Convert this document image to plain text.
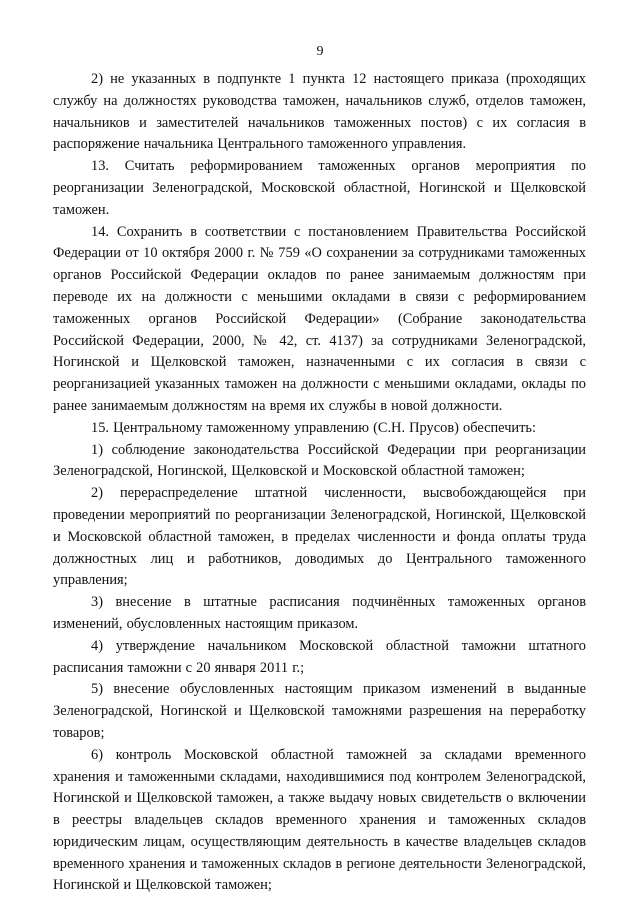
9

2) не указанных в подпункте 1 пункта 12 настоящего приказа (проходящих службу на должностях руководства таможен, начальников служб, отделов таможен, начальников и заместителей начальников таможенных постов) с их согласия в распоряжение начальника Центрального таможенного управления.

13. Считать реформированием таможенных органов мероприятия по реорганизации Зеленоградской, Московской областной, Ногинской и Щелковской таможен.

14. Сохранить в соответствии с постановлением Правительства Российской Федерации от 10 октября 2000 г. № 759 «О сохранении за сотрудниками таможенных органов Российской Федерации окладов по ранее занимаемым должностям при переводе их на должности с меньшими окладами в связи с реформированием таможенных органов Российской Федерации» (Собрание законодательства Российской Федерации, 2000, № 42, ст. 4137) за сотрудниками Зеленоградской, Ногинской и Щелковской таможен, назначенными с их согласия в связи с реорганизацией указанных таможен на должности с меньшими окладами, оклады по ранее занимаемым должностям на время их службы в новой должности.

15. Центральному таможенному управлению (С.Н. Прусов) обеспечить:

1) соблюдение законодательства Российской Федерации при реорганизации Зеленоградской, Ногинской, Щелковской и Московской областной таможен;

2) перераспределение штатной численности, высвобождающейся при проведении мероприятий по реорганизации Зеленоградской, Ногинской, Щелковской и Московской областной таможен, в пределах численности и фонда оплаты труда должностных лиц и работников, доводимых до Центрального таможенного управления;

3) внесение в штатные расписания подчинённых таможенных органов изменений, обусловленных настоящим приказом.

4) утверждение начальником Московской областной таможни штатного расписания таможни с 20 января 2011 г.;

5) внесение обусловленных настоящим приказом изменений в выданные Зеленоградской, Ногинской и Щелковской таможнями разрешения на переработку товаров;

6) контроль Московской областной таможней за складами временного хранения и таможенными складами, находившимися под контролем Зеленоградской, Ногинской и Щелковской таможен, а также выдачу новых свидетельств о включении в реестры владельцев складов временного хранения и таможенных складов юридическим лицам, осуществляющим деятельность в качестве владельцев складов временного хранения и таможенных складов в регионе деятельности Зеленоградской, Ногинской и Щелковской таможен;
